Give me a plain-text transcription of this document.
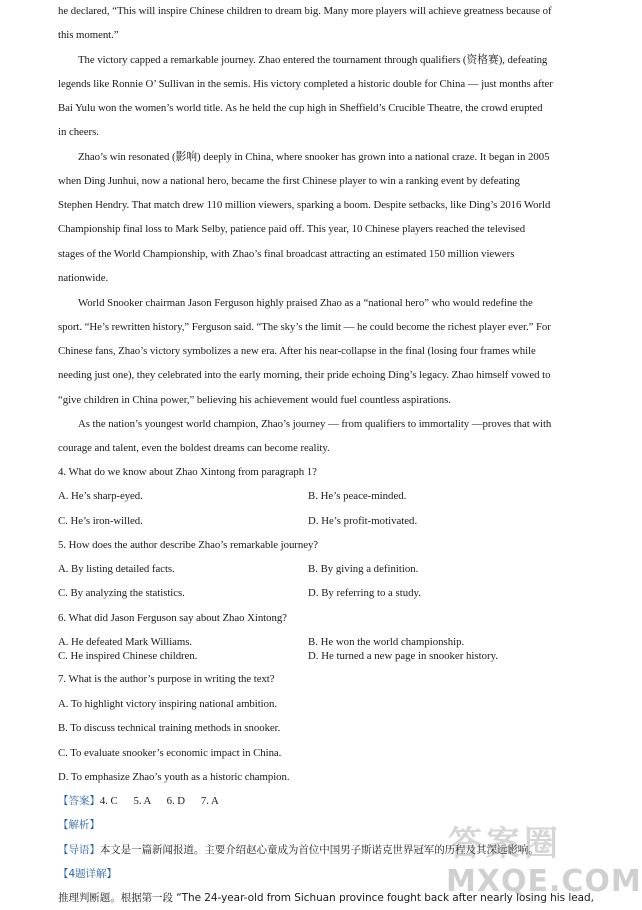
he declared, “This will inspire Chinese children to dream big. Many more players will achieve greatness because of
this moment.”
The victory capped a remarkable journey. Zhao entered the tournament through qualifiers (资格赛), defeating
legends like Ronnie O’ Sullivan in the semis. His victory completed a historic double for China — just months after
Bai Yulu won the women’s world title. As he held the cup high in Sheffield’s Crucible Theatre, the crowd erupted
in cheers.
Zhao’s win resonated (影响) deeply in China, where snooker has grown into a national craze. It began in 2005
when Ding Junhui, now a national hero, became the first Chinese player to win a ranking event by defeating
Stephen Hendry. That match drew 110 million viewers, sparking a boom. Despite setbacks, like Ding’s 2016 World
Championship final loss to Mark Selby, patience paid off. This year, 10 Chinese players reached the televised
stages of the World Championship, with Zhao’s final broadcast attracting an estimated 150 million viewers
nationwide.
World Snooker chairman Jason Ferguson highly praised Zhao as a “national hero” who would redefine the
sport. “He’s rewritten history,” Ferguson said. “The sky’s the limit — he could become the richest player ever.” For
Chinese fans, Zhao’s victory symbolizes a new era. After his near-collapse in the final (losing four frames while
needing just one), they celebrated into the early morning, their pride echoing Ding’s legacy. Zhao himself vowed to
“give children in China power,” believing his achievement would fuel countless aspirations.
As the nation’s youngest world champion, Zhao’s journey — from qualifiers to immortality —proves that with
courage and talent, even the boldest dreams can become reality.
4. What do we know about Zhao Xintong from paragraph 1?
A. He’s sharp-eyed.	B. He’s peace-minded.
C. He’s iron-willed.	D. He’s profit-motivated.
5. How does the author describe Zhao’s remarkable journey?
A. By listing detailed facts.	B. By giving a definition.
C. By analyzing the statistics.	D. By referring to a study.
6. What did Jason Ferguson say about Zhao Xintong?
A. He defeated Mark Williams.	B. He won the world championship.
C. He inspired Chinese children.	D. He turned a new page in snooker history.
7. What is the author’s purpose in writing the text?
A. To highlight victory inspiring national ambition.
B. To discuss technical training methods in snooker.
C. To evaluate snooker’s economic impact in China.
D. To emphasize Zhao’s youth as a historic champion.
【答案】4. C      5. A      6. D      7. A
【解析】
【导语】本文是一篇新闻报道。主要介绍赵心童成为首位中国男子斯诺克世界冠军的历程及其深远影响。
【4题详解】
推理判断题。根据第一段 “The 24-year-old from Sichuan province fought back after nearly losing his lead,
答案圈
MXQE.COM
